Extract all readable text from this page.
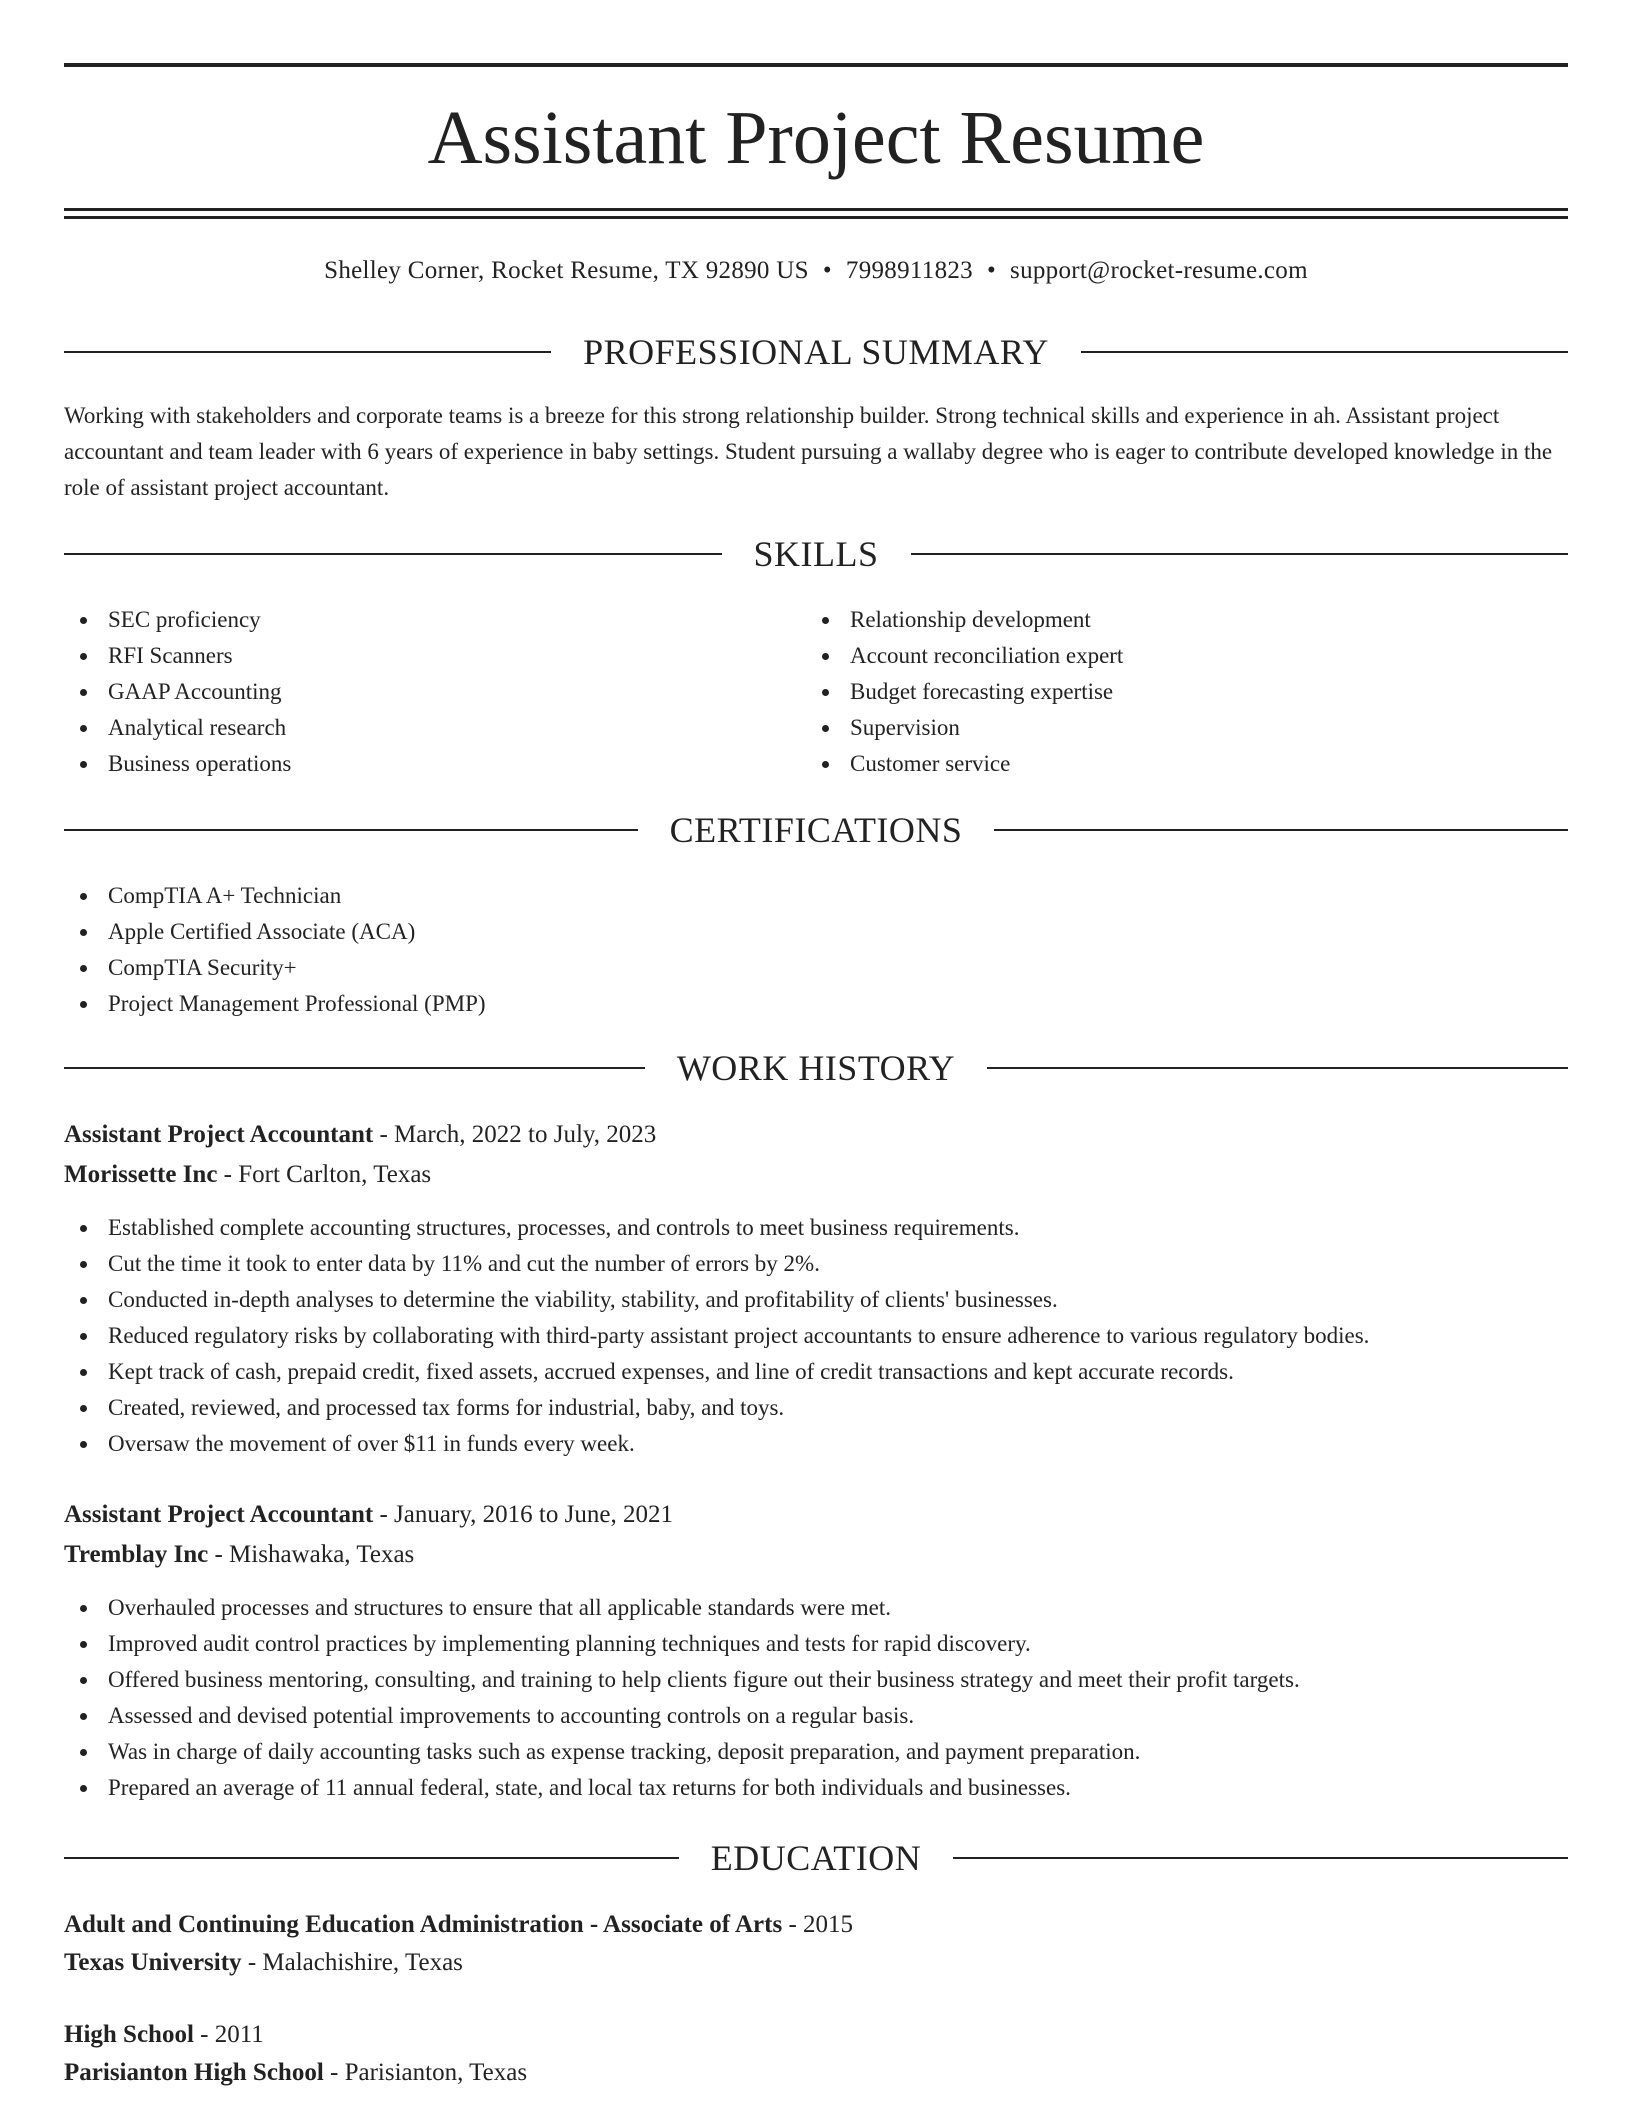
Assistant Project Resume
Shelley Corner, Rocket Resume, TX 92890 US • 7998911823 • support@rocket-resume.com
PROFESSIONAL SUMMARY
Working with stakeholders and corporate teams is a breeze for this strong relationship builder. Strong technical skills and experience in ah. Assistant project accountant and team leader with 6 years of experience in baby settings. Student pursuing a wallaby degree who is eager to contribute developed knowledge in the role of assistant project accountant.
SKILLS
SEC proficiency
RFI Scanners
GAAP Accounting
Analytical research
Business operations
Relationship development
Account reconciliation expert
Budget forecasting expertise
Supervision
Customer service
CERTIFICATIONS
CompTIA A+ Technician
Apple Certified Associate (ACA)
CompTIA Security+
Project Management Professional (PMP)
WORK HISTORY
Assistant Project Accountant - March, 2022 to July, 2023
Morissette Inc - Fort Carlton, Texas
Established complete accounting structures, processes, and controls to meet business requirements.
Cut the time it took to enter data by 11% and cut the number of errors by 2%.
Conducted in-depth analyses to determine the viability, stability, and profitability of clients' businesses.
Reduced regulatory risks by collaborating with third-party assistant project accountants to ensure adherence to various regulatory bodies.
Kept track of cash, prepaid credit, fixed assets, accrued expenses, and line of credit transactions and kept accurate records.
Created, reviewed, and processed tax forms for industrial, baby, and toys.
Oversaw the movement of over $11 in funds every week.
Assistant Project Accountant - January, 2016 to June, 2021
Tremblay Inc - Mishawaka, Texas
Overhauled processes and structures to ensure that all applicable standards were met.
Improved audit control practices by implementing planning techniques and tests for rapid discovery.
Offered business mentoring, consulting, and training to help clients figure out their business strategy and meet their profit targets.
Assessed and devised potential improvements to accounting controls on a regular basis.
Was in charge of daily accounting tasks such as expense tracking, deposit preparation, and payment preparation.
Prepared an average of 11 annual federal, state, and local tax returns for both individuals and businesses.
EDUCATION
Adult and Continuing Education Administration - Associate of Arts - 2015
Texas University - Malachishire, Texas
High School - 2011
Parisianton High School - Parisianton, Texas
